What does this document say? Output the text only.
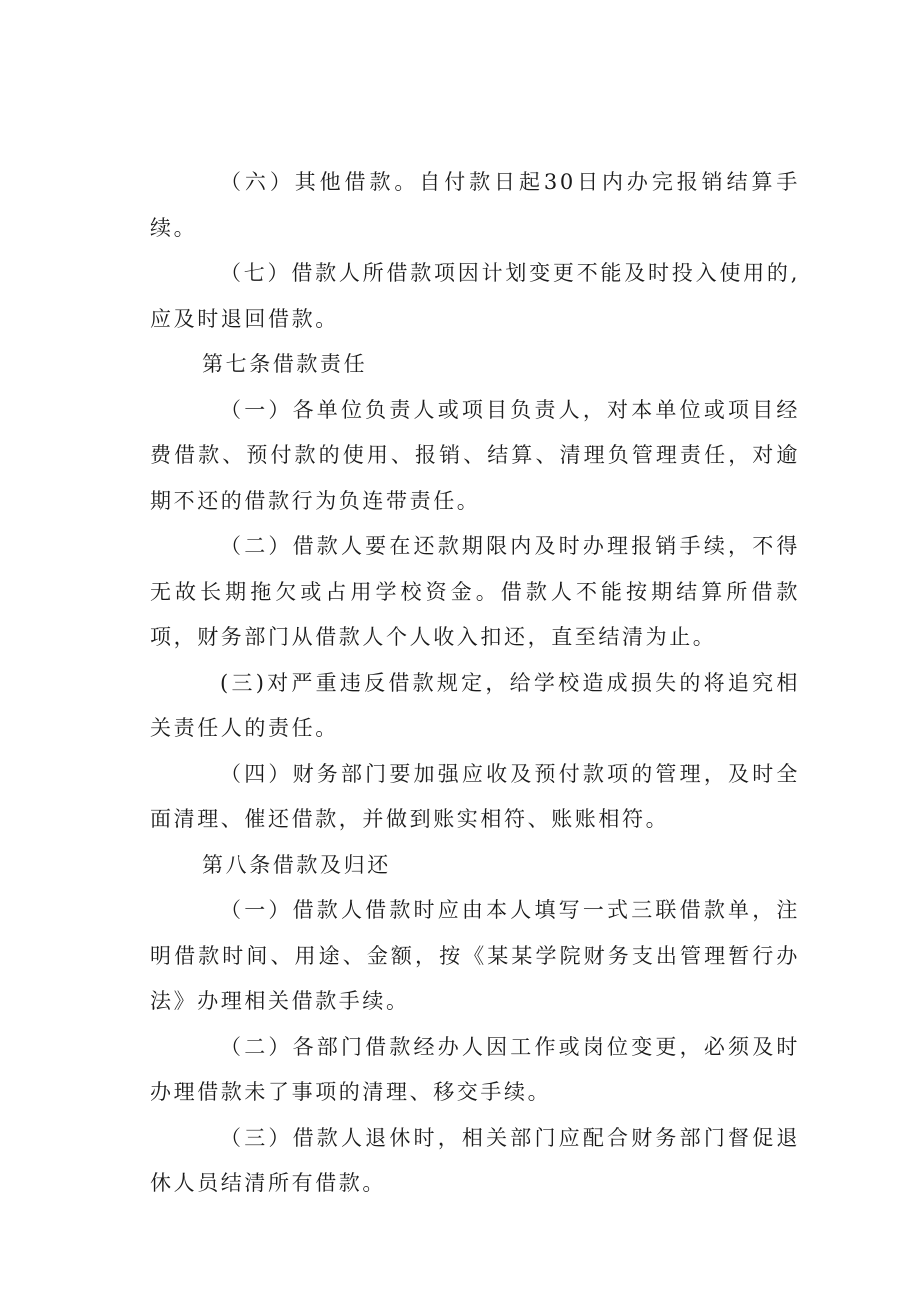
（六）其他借款。自付款日起30日内办完报销结算手续。

（七）借款人所借款项因计划变更不能及时投入使用的,应及时退回借款。

第七条借款责任

（一）各单位负责人或项目负责人，对本单位或项目经费借款、预付款的使用、报销、结算、清理负管理责任，对逾期不还的借款行为负连带责任。

（二）借款人要在还款期限内及时办理报销手续，不得无故长期拖欠或占用学校资金。借款人不能按期结算所借款项，财务部门从借款人个人收入扣还，直至结清为止。

(三)对严重违反借款规定，给学校造成损失的将追究相关责任人的责任。

（四）财务部门要加强应收及预付款项的管理，及时全面清理、催还借款，并做到账实相符、账账相符。

第八条借款及归还

（一）借款人借款时应由本人填写一式三联借款单，注明借款时间、用途、金额，按《某某学院财务支出管理暂行办法》办理相关借款手续。

（二）各部门借款经办人因工作或岗位变更，必须及时办理借款未了事项的清理、移交手续。

（三）借款人退休时，相关部门应配合财务部门督促退休人员结清所有借款。
